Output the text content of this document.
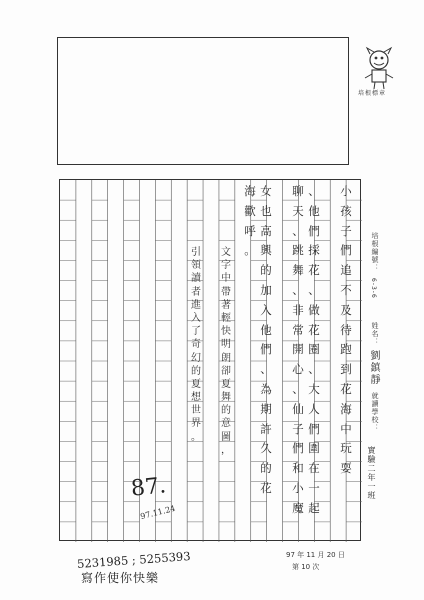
培根標章
小
孩
子
們
追
不
及
待
跑
到
花
海
中
玩
耍
、
他
們
採
花
、
做
花
圈
、
大
人
們
圍
在
一
起
聊
天
、
跳
舞
、
非
常
開
心
、
仙
子
們
和
小
魔
女
也
高
興
的
加
入
他
們
、
為
期
許
久
的
花
海
歡
呼
。
文
字
中
帶
著
輕
快
明
朗
卻
夏
舞
的
意
圖
，
引
領
讀
者
進
入
了
奇
幻
的
夏
想
世
界
。
培根編號：
6-3-6
姓名：
劉鎮靜
就讀學校：
實驗二年一班
87.
97.11.24
97 年 11 月 20 日
第 10 次
5231985 ; 5255393
寫作使你快樂
